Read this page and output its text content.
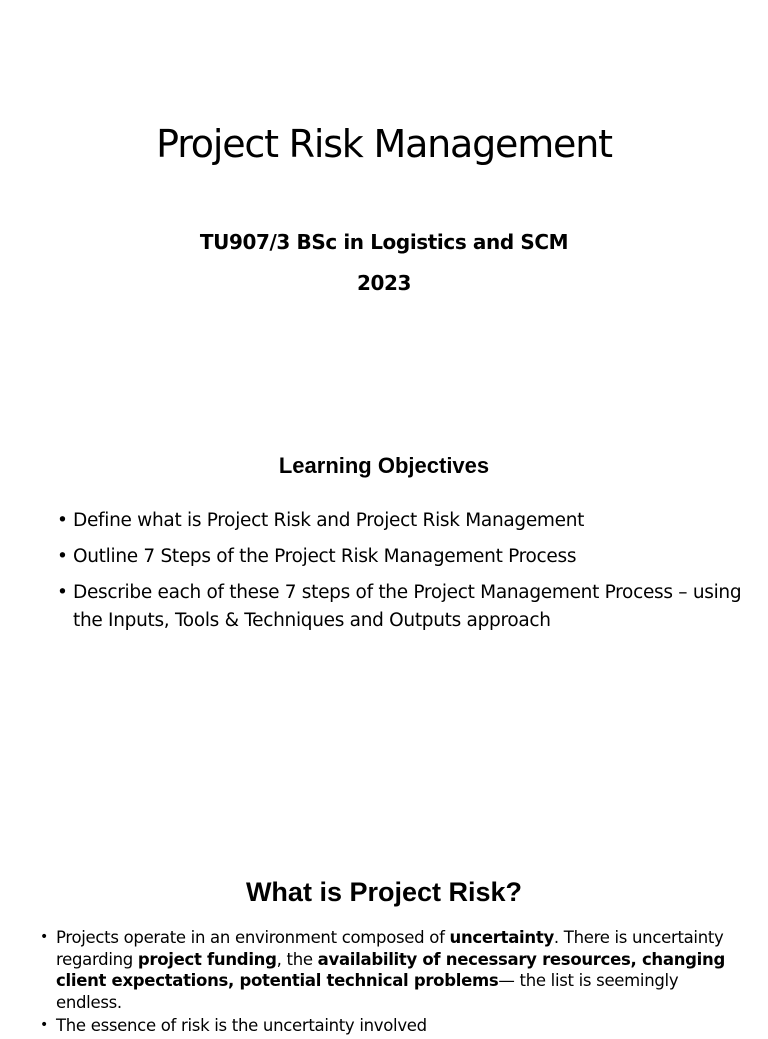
Project Risk Management
TU907/3 BSc in Logistics and SCM
2023
Learning Objectives
• Define what is Project Risk and Project Risk Management
• Outline 7 Steps of the Project Risk Management Process
• Describe each of these 7 steps of the Project Management Process – using the Inputs, Tools & Techniques and Outputs approach
What is Project Risk?
• Projects operate in an environment composed of uncertainty. There is uncertainty regarding project funding, the availability of necessary resources, changing client expectations, potential technical problems— the list is seemingly endless.
• The essence of risk is the uncertainty involved
